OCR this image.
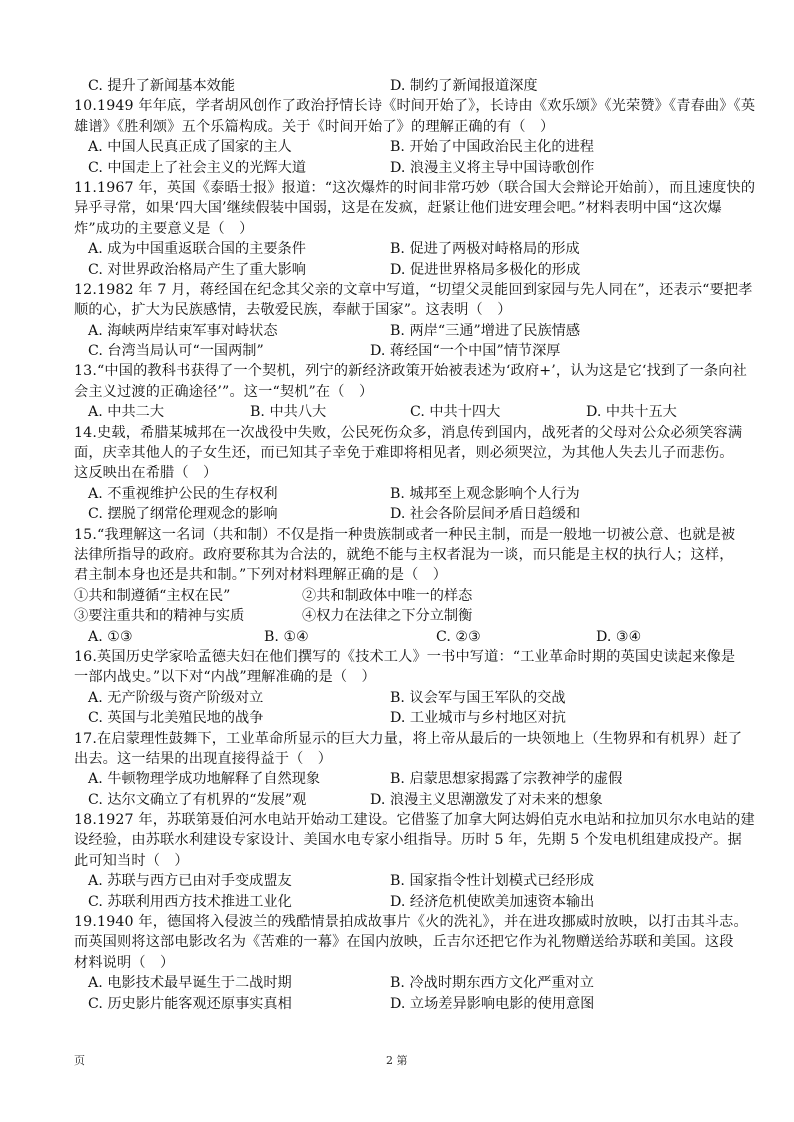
C. 提升了新闻基本效能	D. 制约了新闻报道深度
10.1949 年年底，学者胡风创作了政治抒情长诗《时间开始了》，长诗由《欢乐颂》《光荣赞》《青春曲》《英
雄谱》《胜利颂》五个乐篇构成。关于《时间开始了》的理解正确的有（　）
A. 中国人民真正成了国家的主人	B. 开始了中国政治民主化的进程
C. 中国走上了社会主义的光辉大道	D. 浪漫主义将主导中国诗歌创作
11.1967 年，英国《泰晤士报》报道：“这次爆炸的时间非常巧妙（联合国大会辩论开始前），而且速度快的
异乎寻常，如果‘四大国’继续假装中国弱，这是在发疯，赶紧让他们进安理会吧。”材料表明中国“这次爆
炸”成功的主要意义是（　）
A. 成为中国重返联合国的主要条件	B. 促进了两极对峙格局的形成
C. 对世界政治格局产生了重大影响	D. 促进世界格局多极化的形成
12.1982 年 7 月，蒋经国在纪念其父亲的文章中写道，“切望父灵能回到家园与先人同在”，还表示“要把孝
顺的心，扩大为民族感情，去敬爱民族，奉献于国家”。这表明（　）
A. 海峡两岸结束军事对峙状态	B. 两岸“三通”增进了民族情感
C. 台湾当局认可“一国两制”	D. 蒋经国“一个中国”情节深厚
13.“中国的教科书获得了一个契机，列宁的新经济政策开始被表述为‘政府+’，认为这是它‘找到了一条向社
会主义过渡的正确途径’”。这一“契机”在（　）
A. 中共二大	B. 中共八大	C. 中共十四大	D. 中共十五大
14.史载，希腊某城邦在一次战役中失败，公民死伤众多，消息传到国内，战死者的父母对公众必须笑容满
面，庆幸其他人的子女生还，而已知其子幸免于难即将相见者，则必须哭泣，为其他人失去儿子而悲伤。
这反映出在希腊（　）
A. 不重视维护公民的生存权利	B. 城邦至上观念影响个人行为
C. 摆脱了纲常伦理观念的影响	D. 社会各阶层间矛盾日趋缓和
15.“我理解这一名词（共和制）不仅是指一种贵族制或者一种民主制，而是一般地一切被公意、也就是被
法律所指导的政府。政府要称其为合法的，就绝不能与主权者混为一谈，而只能是主权的执行人；这样，
君主制本身也还是共和制。”下列对材料理解正确的是（　）
①共和制遵循“主权在民”	②共和制政体中唯一的样态
③要注重共和的精神与实质	④权力在法律之下分立制衡
A. ①③	B. ①④	C. ②③	D. ③④
16.英国历史学家哈孟德夫妇在他们撰写的《技术工人》一书中写道：“工业革命时期的英国史读起来像是
一部内战史。”以下对“内战”理解准确的是（　）
A. 无产阶级与资产阶级对立	B. 议会军与国王军队的交战
C. 英国与北美殖民地的战争	D. 工业城市与乡村地区对抗
17.在启蒙理性鼓舞下，工业革命所显示的巨大力量，将上帝从最后的一块领地上（生物界和有机界）赶了
出去。这一结果的出现直接得益于（　）
A. 牛顿物理学成功地解释了自然现象	B. 启蒙思想家揭露了宗教神学的虚假
C. 达尔文确立了有机界的“发展”观	D. 浪漫主义思潮激发了对未来的想象
18.1927 年，苏联第聂伯河水电站开始动工建设。它借鉴了加拿大阿达姆伯克水电站和拉加贝尔水电站的建
设经验，由苏联水利建设专家设计、美国水电专家小组指导。历时 5 年，先期 5 个发电机组建成投产。据
此可知当时（　）
A. 苏联与西方已由对手变成盟友	B. 国家指令性计划模式已经形成
C. 苏联利用西方技术推进工业化	D. 经济危机使欧美加速资本输出
19.1940 年，德国将入侵波兰的残酷情景拍成故事片《火的洗礼》，并在进攻挪威时放映，以打击其斗志。
而英国则将这部电影改名为《苦难的一幕》在国内放映，丘吉尔还把它作为礼物赠送给苏联和美国。这段
材料说明（　）
A. 电影技术最早诞生于二战时期	B. 冷战时期东西方文化严重对立
C. 历史影片能客观还原事实真相	D. 立场差异影响电影的使用意图
页	2 第
